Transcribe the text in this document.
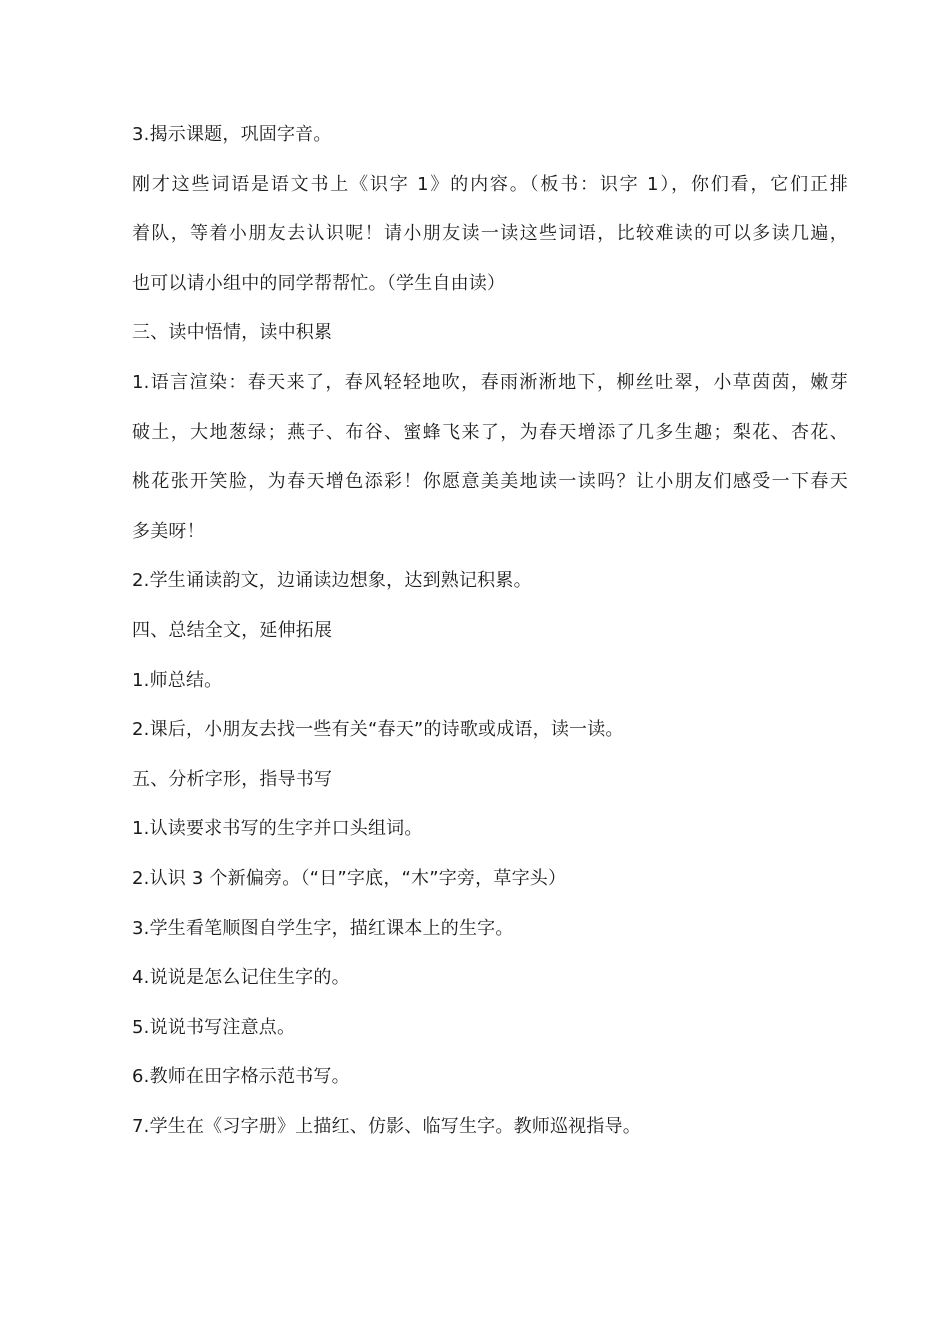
3.揭示课题，巩固字音。
刚才这些词语是语文书上《识字 1》的内容。（板书：识字 1），你们看，它们正排
着队，等着小朋友去认识呢！请小朋友读一读这些词语，比较难读的可以多读几遍，
也可以请小组中的同学帮帮忙。（学生自由读）
三、读中悟情，读中积累
1.语言渲染：春天来了，春风轻轻地吹，春雨淅淅地下，柳丝吐翠，小草茵茵，嫩芽
破土，大地葱绿；燕子、布谷、蜜蜂飞来了，为春天增添了几多生趣；梨花、杏花、
桃花张开笑脸，为春天增色添彩！你愿意美美地读一读吗？让小朋友们感受一下春天
多美呀！
2.学生诵读韵文，边诵读边想象，达到熟记积累。
四、总结全文，延伸拓展
1.师总结。
2.课后，小朋友去找一些有关“春天”的诗歌或成语，读一读。
五、分析字形，指导书写
1.认读要求书写的生字并口头组词。
2.认识 3 个新偏旁。（“日”字底，“木”字旁，草字头）
3.学生看笔顺图自学生字，描红课本上的生字。
4.说说是怎么记住生字的。
5.说说书写注意点。
6.教师在田字格示范书写。
7.学生在《习字册》上描红、仿影、临写生字。教师巡视指导。
